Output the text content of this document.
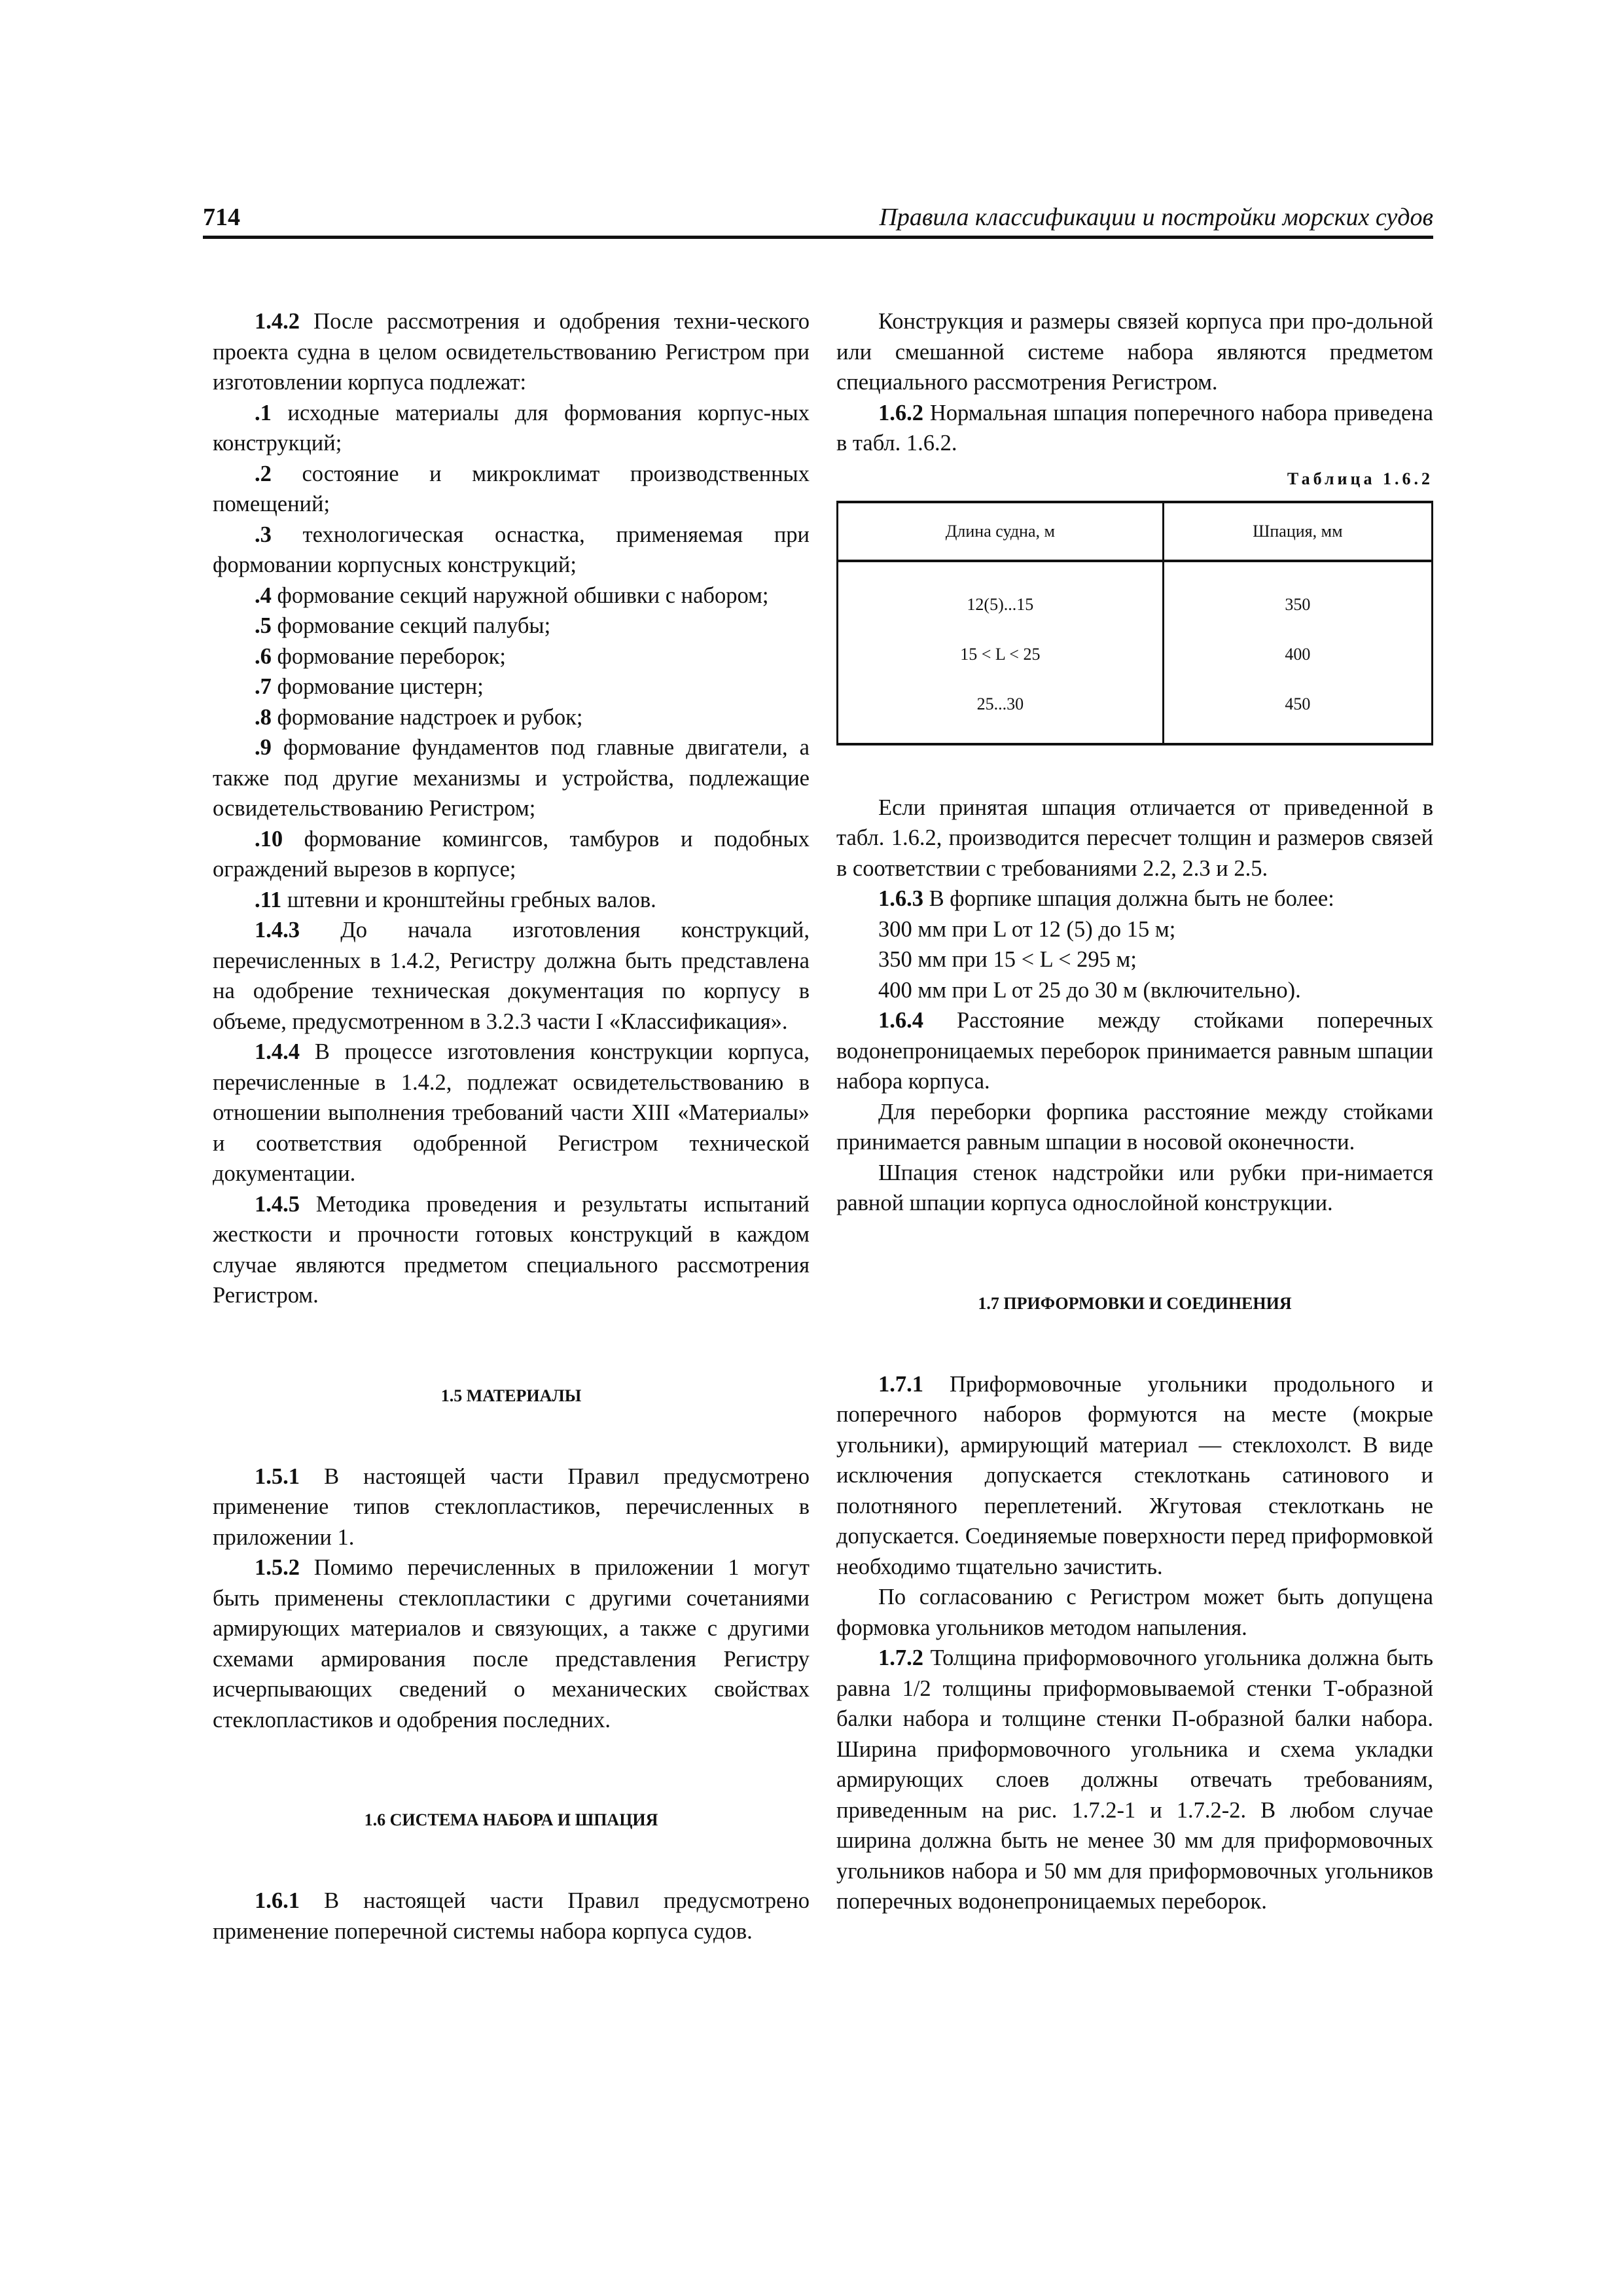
714	Правила классификации и постройки морских судов

1.4.2 После рассмотрения и одобрения техни-ческого проекта судна в целом освидетельствованию Регистром при изготовлении корпуса подлежат:

.1 исходные материалы для формования корпус-ных конструкций;

.2 состояние и микроклимат производственных помещений;

.3 технологическая оснастка, применяемая при формовании корпусных конструкций;

.4 формование секций наружной обшивки с набором;

.5 формование секций палубы;

.6 формование переборок;

.7 формование цистерн;

.8 формование надстроек и рубок;

.9 формование фундаментов под главные двигатели, а также под другие механизмы и устройства, подлежащие освидетельствованию Регистром;

.10 формование комингсов, тамбуров и подобных ограждений вырезов в корпусе;

.11 штевни и кронштейны гребных валов.

1.4.3 До начала изготовления конструкций, перечисленных в 1.4.2, Регистру должна быть представлена на одобрение техническая документация по корпусу в объеме, предусмотренном в 3.2.3 части I «Классификация».

1.4.4 В процессе изготовления конструкции корпуса, перечисленные в 1.4.2, подлежат освидетельствованию в отношении выполнения требований части XIII «Материалы» и соответствия одобренной Регистром технической документации.

1.4.5 Методика проведения и результаты испытаний жесткости и прочности готовых конструкций в каждом случае являются предметом специального рассмотрения Регистром.

1.5 МАТЕРИАЛЫ

1.5.1 В настоящей части Правил предусмотрено применение типов стеклопластиков, перечисленных в приложении 1.

1.5.2 Помимо перечисленных в приложении 1 могут быть применены стеклопластики с другими сочетаниями армирующих материалов и связующих, а также с другими схемами армирования после представления Регистру исчерпывающих сведений о механических свойствах стеклопластиков и одобрения последних.

1.6 СИСТЕМА НАБОРА И ШПАЦИЯ

1.6.1 В настоящей части Правил предусмотрено применение поперечной системы набора корпуса судов.

Конструкция и размеры связей корпуса при про-дольной или смешанной системе набора являются предметом специального рассмотрения Регистром.

1.6.2 Нормальная шпация поперечного набора приведена в табл. 1.6.2.

Таблица 1.6.2
Длина судна, м	Шпация, мм
12(5)...15	350
15 < L < 25	400
25...30	450

Если принятая шпация отличается от приведенной в табл. 1.6.2, производится пересчет толщин и размеров связей в соответствии с требованиями 2.2, 2.3 и 2.5.

1.6.3 В форпике шпация должна быть не более:

300 мм при L от 12 (5) до 15 м;

350 мм при 15 < L < 295 м;

400 мм при L от 25 до 30 м (включительно).

1.6.4 Расстояние между стойками поперечных водонепроницаемых переборок принимается равным шпации набора корпуса.

Для переборки форпика расстояние между стойками принимается равным шпации в носовой оконечности.

Шпация стенок надстройки или рубки при-нимается равной шпации корпуса однослойной конструкции.

1.7 ПРИФОРМОВКИ И СОЕДИНЕНИЯ

1.7.1 Приформовочные угольники продольного и поперечного наборов формуются на месте (мокрые угольники), армирующий материал — стеклохолст. В виде исключения допускается стеклоткань сатинового и полотняного переплетений. Жгутовая стеклоткань не допускается. Соединяемые поверхности перед приформовкой необходимо тщательно зачистить.

По согласованию с Регистром может быть допущена формовка угольников методом напыления.

1.7.2 Толщина приформовочного угольника должна быть равна 1/2 толщины приформовываемой стенки Т-образной балки набора и толщине стенки П-образной балки набора. Ширина приформовочного угольника и схема укладки армирующих слоев должны отвечать требованиям, приведенным на рис. 1.7.2-1 и 1.7.2-2. В любом случае ширина должна быть не менее 30 мм для приформовочных угольников набора и 50 мм для приформовочных угольников поперечных водонепроницаемых переборок.
